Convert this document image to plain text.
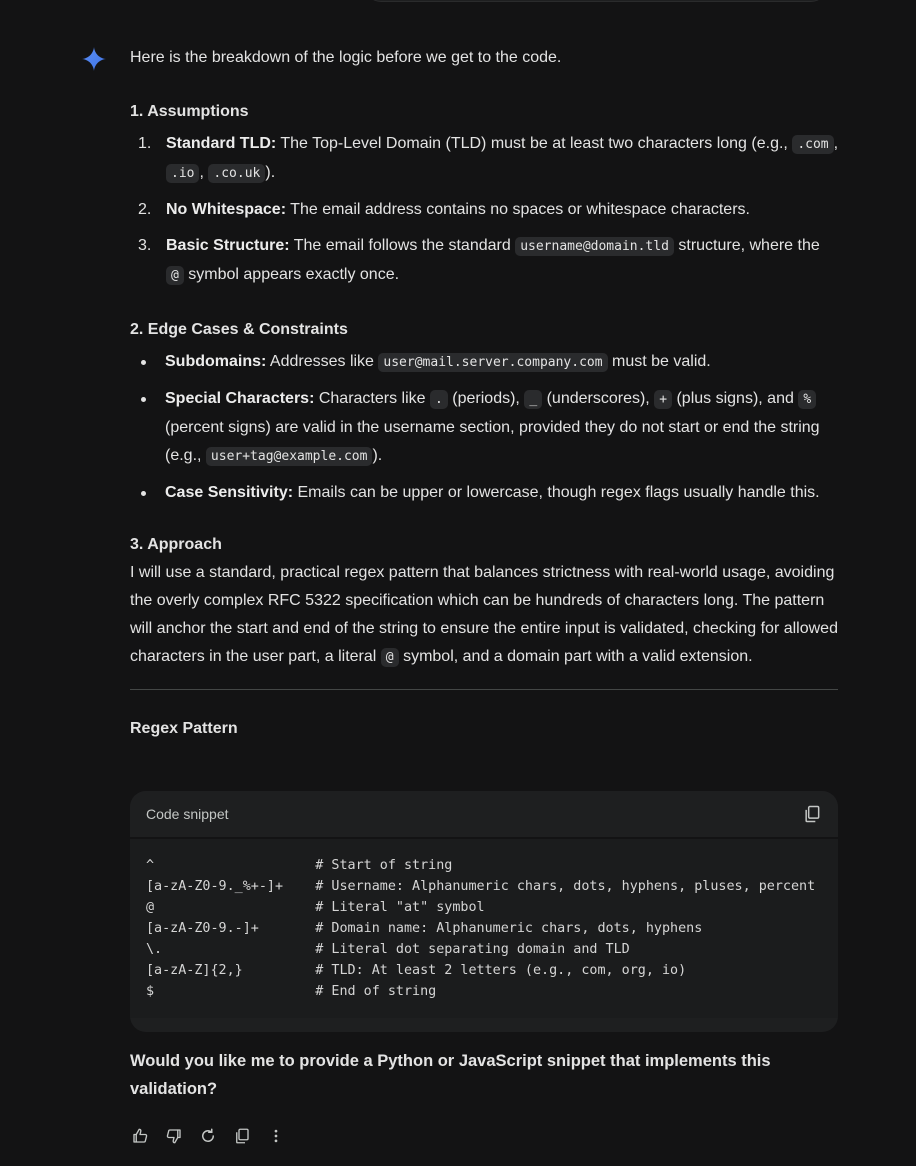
Here is the breakdown of the logic before we get to the code.

1. Assumptions
1. Standard TLD: The Top-Level Domain (TLD) must be at least two characters long (e.g., .com , .io , .co.uk ).
2. No Whitespace: The email address contains no spaces or whitespace characters.
3. Basic Structure: The email follows the standard username@domain.tld structure, where the @ symbol appears exactly once.
2. Edge Cases & Constraints
Subdomains: Addresses like user@mail.server.company.com must be valid.
Special Characters: Characters like . (periods), _ (underscores), + (plus signs), and % (percent signs) are valid in the username section, provided they do not start or end the string (e.g., user+tag@example.com ).
Case Sensitivity: Emails can be upper or lowercase, though regex flags usually handle this.
3. Approach

I will use a standard, practical regex pattern that balances strictness with real-world usage, avoiding the overly complex RFC 5322 specification which can be hundreds of characters long. The pattern will anchor the start and end of the string to ensure the entire input is validated, checking for allowed characters in the user part, a literal @ symbol, and a domain part with a valid extension.

Regex Pattern
Code snippet
^                    # Start of string
[a-zA-Z0-9._%+-]+    # Username: Alphanumeric chars, dots, hyphens, pluses, percent
@                    # Literal "at" symbol
[a-zA-Z0-9.-]+       # Domain name: Alphanumeric chars, dots, hyphens
\.                   # Literal dot separating domain and TLD
[a-zA-Z]{2,}         # TLD: At least 2 letters (e.g., com, org, io)
$                    # End of string

Would you like me to provide a Python or JavaScript snippet that implements this validation?
